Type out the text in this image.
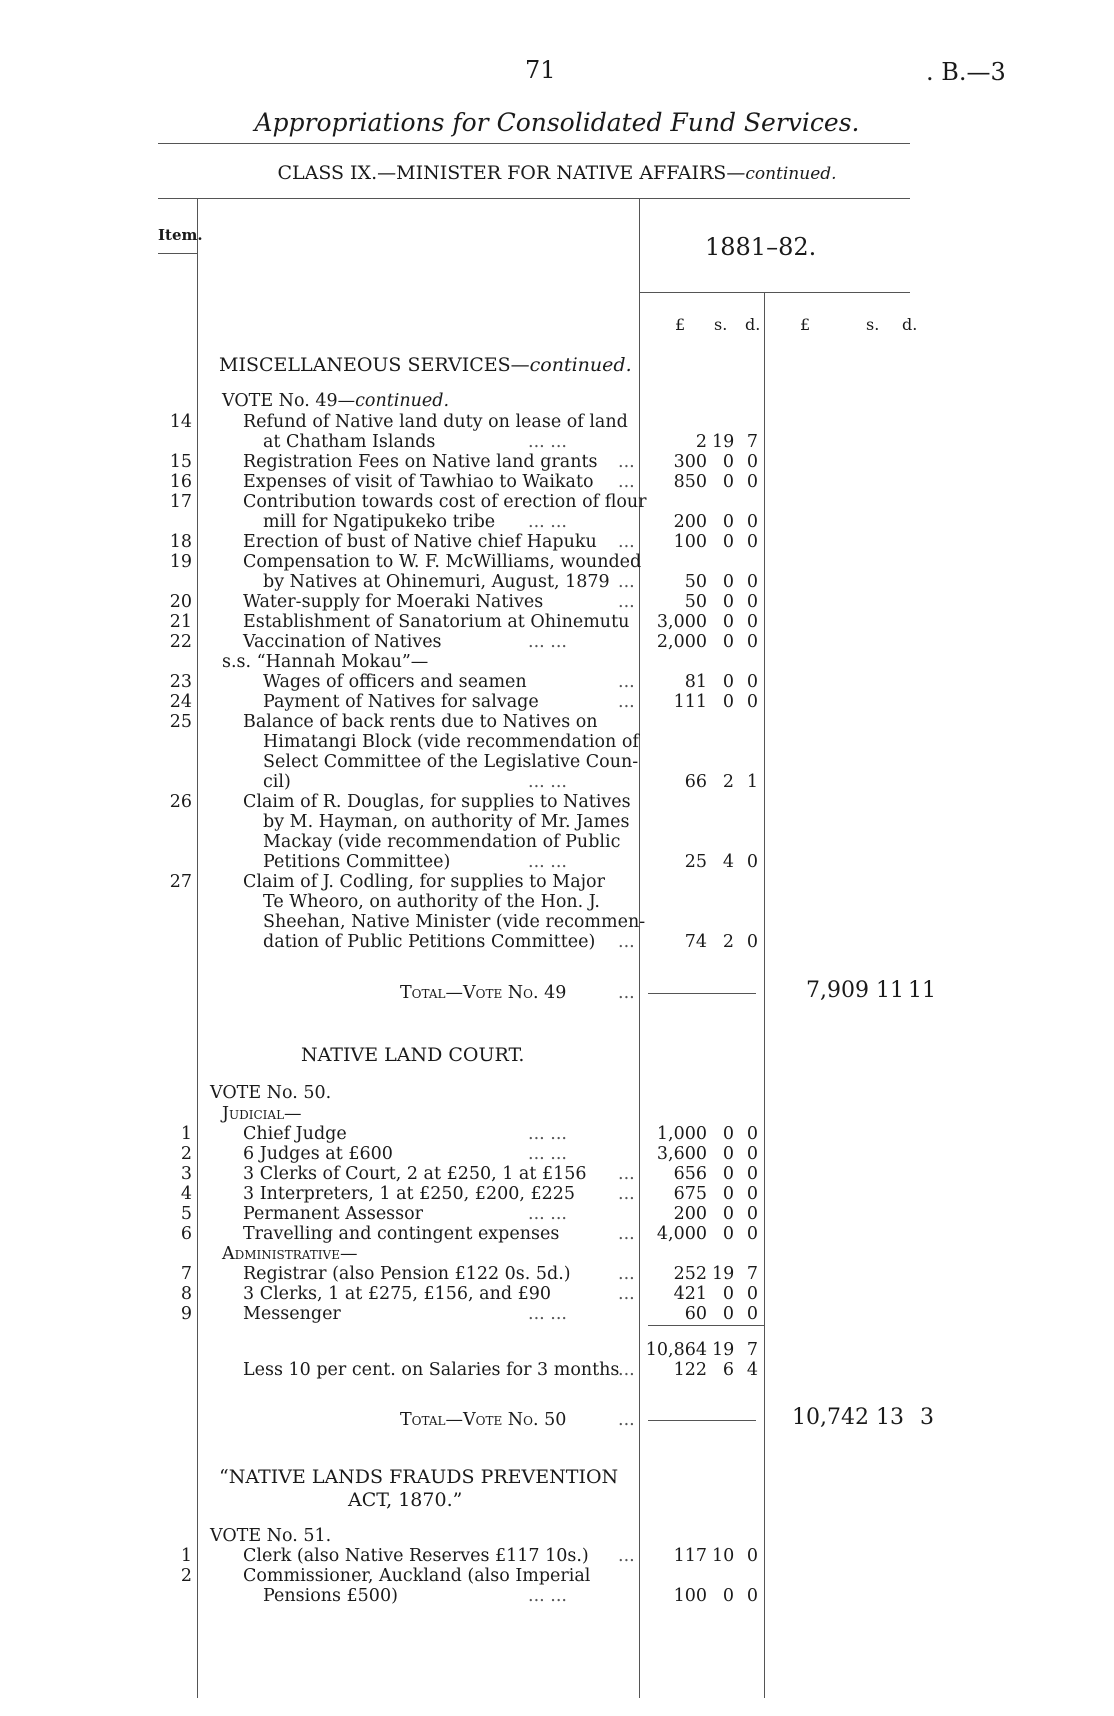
71	. B.—3
Appropriations for Consolidated Fund Services.
CLASS IX.—MINISTER FOR NATIVE AFFAIRS—continued.
Item.	1881–82.
£ s. d. £	s. d.
MISCELLANEOUS SERVICES—continued.
VOTE No. 49—continued.
14	Refund of Native land duty on lease of land
at Chatham Islands	... ...	2 19 7
15	Registration Fees on Native land grants ...	300 0 0
16	Expenses of visit of Tawhiao to Waikato ...	850 0 0
17	Contribution towards cost of erection of flour
mill for Ngatipukeko tribe ... ...	200 0 0
18	Erection of bust of Native chief Hapuku ...	100 0 0
19	Compensation to W. F. McWilliams, wounded
by Natives at Ohinemuri, August, 1879 ...	50 0 0
20	Water-supply for Moeraki Natives	...	50 0 0
21	Establishment of Sanatorium at Ohinemutu	3,000 0 0
22	Vaccination of Natives	... ...	2,000 0 0
s.s. “Hannah Mokau”—
23	Wages of officers and seamen	...	81 0 0
24	Payment of Natives for salvage	...	111 0 0
25	Balance of back rents due to Natives on
Himatangi Block (vide recommendation of
Select Committee of the Legislative Coun-
cil)	... ...	66 2 1
26	Claim of R. Douglas, for supplies to Natives
by M. Hayman, on authority of Mr. James
Mackay (vide recommendation of Public
Petitions Committee)	... ...	25 4 0
27	Claim of J. Codling, for supplies to Major
Te Wheoro, on authority of the Hon. J.
Sheehan, Native Minister (vide recommen-
dation of Public Petitions Committee) ...	74 2 0
Total—Vote No. 49	...	7,909 11 11
NATIVE LAND COURT.
VOTE No. 50.
Judicial—
1	Chief Judge	... ...	1,000 0 0
2	6 Judges at £600	... ...	3,600 0 0
3	3 Clerks of Court, 2 at £250, 1 at £156 ...	656 0 0
4	3 Interpreters, 1 at £250, £200, £225 ...	675 0 0
5	Permanent Assessor	... ...	200 0 0
6	Travelling and contingent expenses	...	4,000 0 0
Administrative—
7	Registrar (also Pension £122 0s. 5d.)	...	252 19 7
8	3 Clerks, 1 at £275, £156, and £90	...	421 0 0
9	Messenger	... ...	60 0 0
10,864 19 7
Less 10 per cent. on Salaries for 3 months
...	122 6 4
Total—Vote No. 50	...	10,742 13 3
“NATIVE LANDS FRAUDS PREVENTION
ACT, 1870.”
VOTE No. 51.
1	Clerk (also Native Reserves £117 10s.) ...	117 10 0
2	Commissioner, Auckland (also Imperial
Pensions £500)	... ...	100 0 0
